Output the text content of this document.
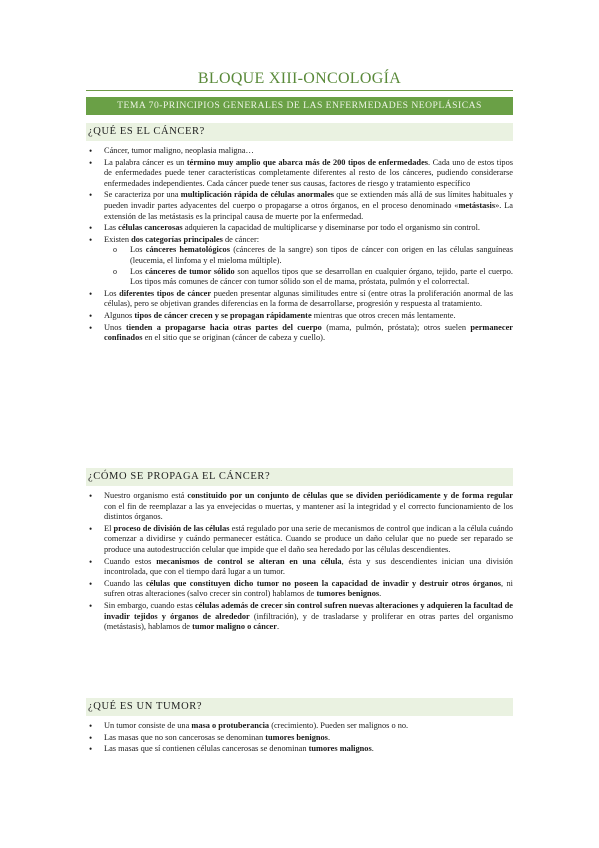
BLOQUE XIII-ONCOLOGÍA
TEMA 70-PRINCIPIOS GENERALES DE LAS ENFERMEDADES NEOPLÁSICAS
¿QUÉ ES EL CÁNCER?
• Cáncer, tumor maligno, neoplasia maligna…
• La palabra cáncer es un término muy amplio que abarca más de 200 tipos de enfermedades. Cada uno de estos tipos de enfermedades puede tener características completamente diferentes al resto de los cánceres, pudiendo considerarse enfermedades independientes. Cada cáncer puede tener sus causas, factores de riesgo y tratamiento específico
• Se caracteriza por una multiplicación rápida de células anormales que se extienden más allá de sus límites habituales y pueden invadir partes adyacentes del cuerpo o propagarse a otros órganos, en el proceso denominado «metástasis». La extensión de las metástasis es la principal causa de muerte por la enfermedad.
• Las células cancerosas adquieren la capacidad de multiplicarse y diseminarse por todo el organismo sin control.
• Existen dos categorías principales de cáncer:
o Los cánceres hematológicos (cánceres de la sangre) son tipos de cáncer con origen en las células sanguíneas (leucemia, el linfoma y el mieloma múltiple).
o Los cánceres de tumor sólido son aquellos tipos que se desarrollan en cualquier órgano, tejido, parte el cuerpo. Los tipos más comunes de cáncer con tumor sólido son el de mama, próstata, pulmón y el colorrectal.
• Los diferentes tipos de cáncer pueden presentar algunas similitudes entre sí (entre otras la proliferación anormal de las células), pero se objetivan grandes diferencias en la forma de desarrollarse, progresión y respuesta al tratamiento.
• Algunos tipos de cáncer crecen y se propagan rápidamente mientras que otros crecen más lentamente.
• Unos tienden a propagarse hacia otras partes del cuerpo (mama, pulmón, próstata); otros suelen permanecer confinados en el sitio que se originan (cáncer de cabeza y cuello).
¿CÓMO SE PROPAGA EL CÁNCER?
• Nuestro organismo está constituido por un conjunto de células que se dividen periódicamente y de forma regular con el fin de reemplazar a las ya envejecidas o muertas, y mantener así la integridad y el correcto funcionamiento de los distintos órganos.
• El proceso de división de las células está regulado por una serie de mecanismos de control que indican a la célula cuándo comenzar a dividirse y cuándo permanecer estática. Cuando se produce un daño celular que no puede ser reparado se produce una autodestrucción celular que impide que el daño sea heredado por las células descendientes.
• Cuando estos mecanismos de control se alteran en una célula, ésta y sus descendientes inician una división incontrolada, que con el tiempo dará lugar a un tumor.
• Cuando las células que constituyen dicho tumor no poseen la capacidad de invadir y destruir otros órganos, ni sufren otras alteraciones (salvo crecer sin control) hablamos de tumores benignos.
• Sin embargo, cuando estas células además de crecer sin control sufren nuevas alteraciones y adquieren la facultad de invadir tejidos y órganos de alrededor (infiltración), y de trasladarse y proliferar en otras partes del organismo (metástasis), hablamos de tumor maligno o cáncer.
¿QUÉ ES UN TUMOR?
• Un tumor consiste de una masa o protuberancia (crecimiento). Pueden ser malignos o no.
• Las masas que no son cancerosas se denominan tumores benignos.
• Las masas que sí contienen células cancerosas se denominan tumores malignos.
